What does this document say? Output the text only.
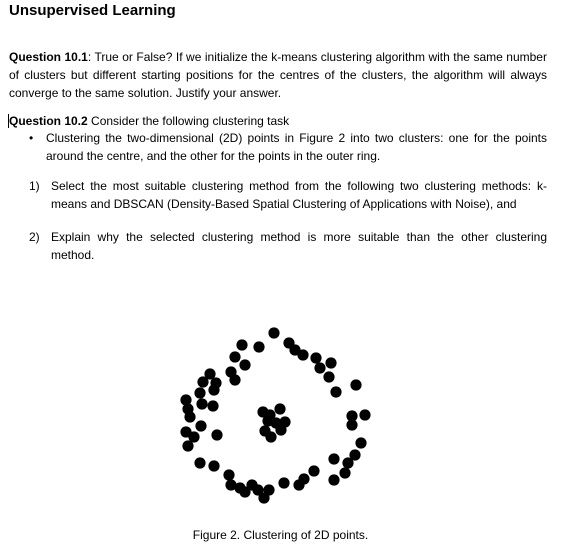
Unsupervised Learning
Question 10.1: True or False? If we initialize the k-means clustering algorithm with the same number of clusters but different starting positions for the centres of the clusters, the algorithm will always converge to the same solution. Justify your answer.
Question 10.2 Consider the following clustering task
• Clustering the two-dimensional (2D) points in Figure 2 into two clusters: one for the points around the centre, and the other for the points in the outer ring.
1) Select the most suitable clustering method from the following two clustering methods: k-means and DBSCAN (Density-Based Spatial Clustering of Applications with Noise), and
2) Explain why the selected clustering method is more suitable than the other clustering method.
Figure 2. Clustering of 2D points.
